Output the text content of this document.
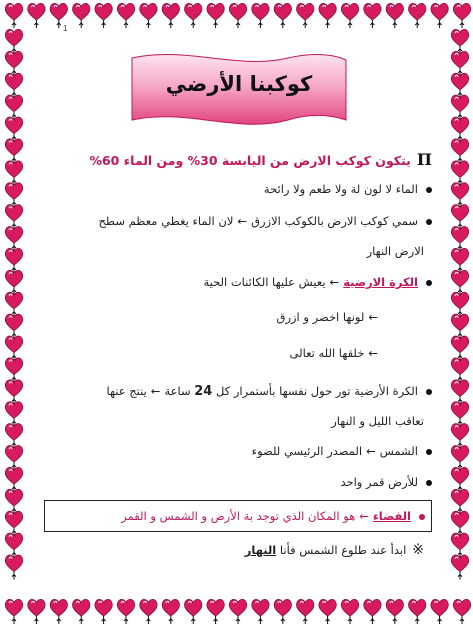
1
كوكبنا الأرضي
Πيتكون كوكب الارض من اليابسة 30% ومن الماء 60%
الماء لا لون لة ولا طعم ولا رائحة
سمي كوكب الارض بالكوكب الازرق←لان الماء يغطي معظم سطح
الارض النهار
الكرة الارضية←يعيش عليها الكائنات الحية
←لونها اخضر و ازرق
←خلقها الله تعالى
الكرة الأرضية تور حول نفسها بأستمرار كل 24 ساعة←ينتج عنها
تعاقب الليل و النهار
الشمس←المصدر الرئيسي للضوء
للأرض قمر واحد
الفضاء←هو المكان الذي توجد بة الأرض و الشمس و القمر
※ابدأ عند طلوع الشمس فأنا النهار
